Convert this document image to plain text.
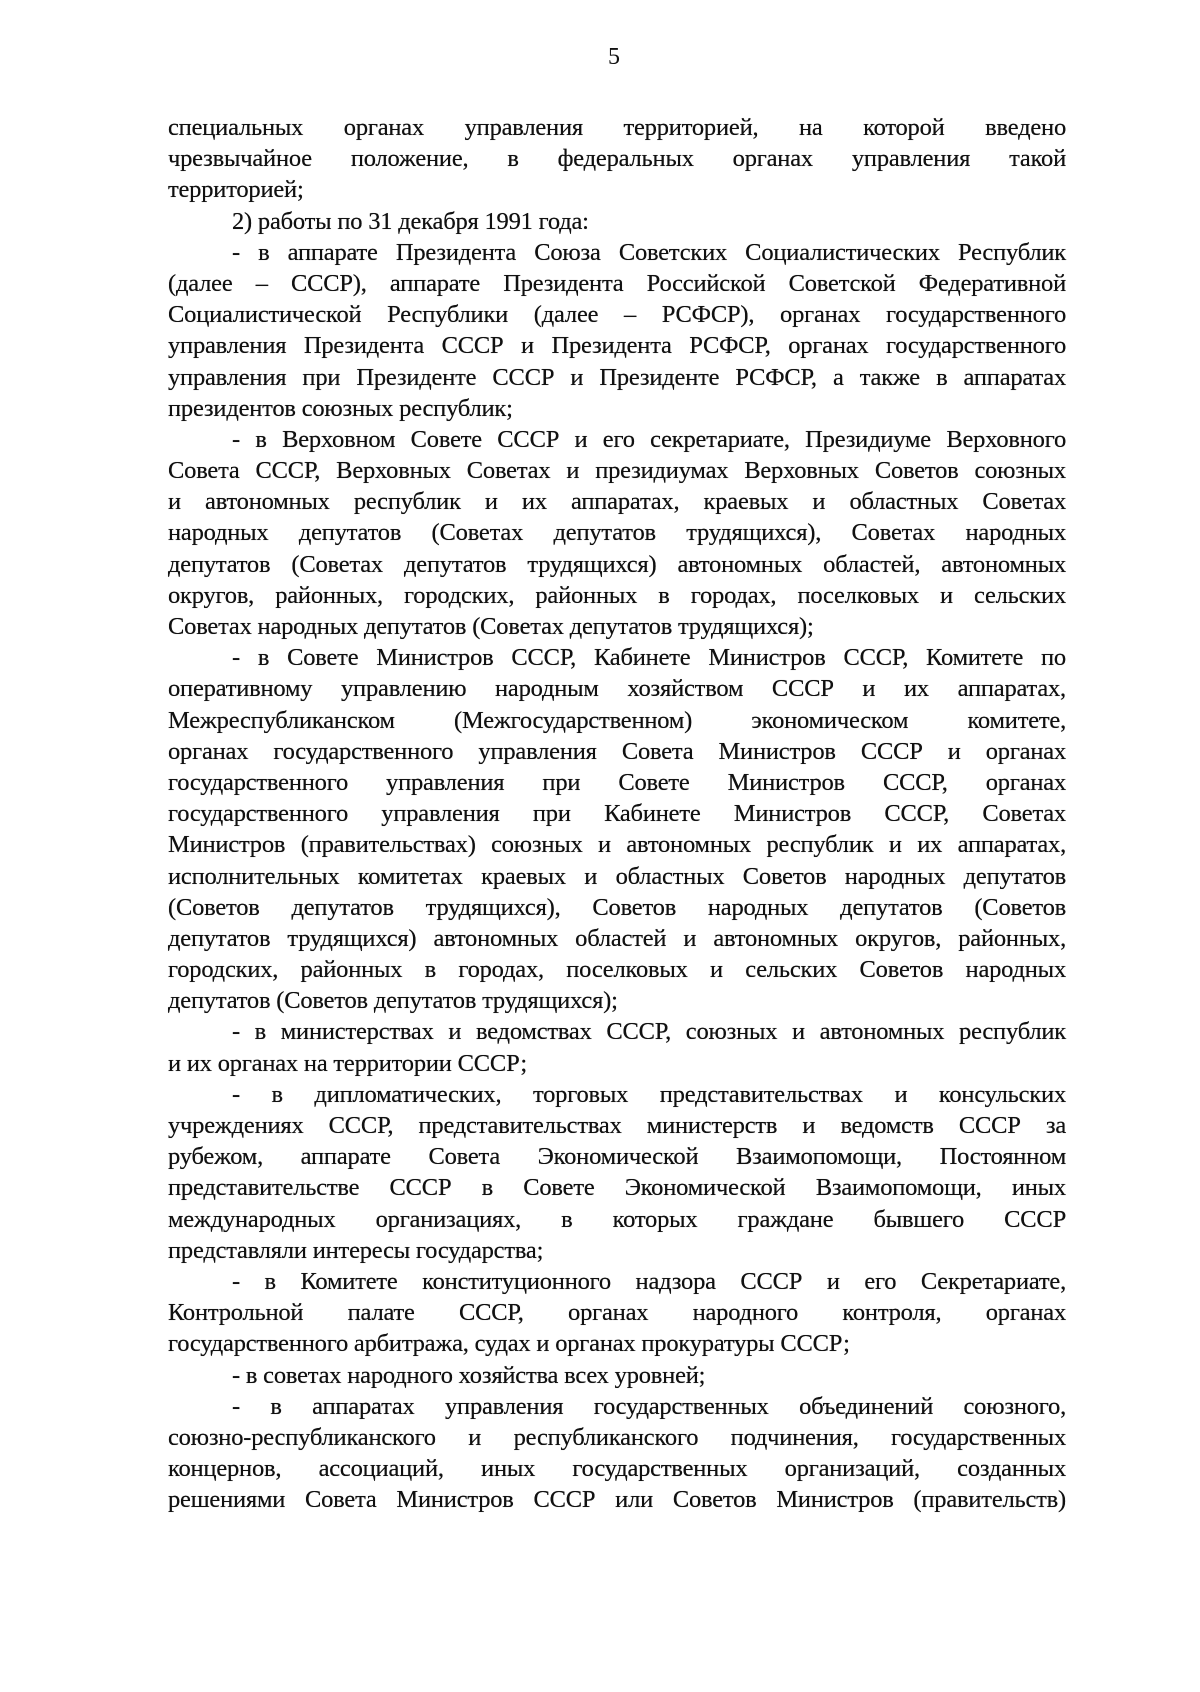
5
специальных органах управления территорией, на которой введено
чрезвычайное положение, в федеральных органах управления такой
территорией;
2) работы по 31 декабря 1991 года:
- в аппарате Президента Союза Советских Социалистических Республик
(далее – СССР), аппарате Президента Российской Советской Федеративной
Социалистической Республики (далее – РСФСР), органах государственного
управления Президента СССР и Президента РСФСР, органах государственного
управления при Президенте СССР и Президенте РСФСР, а также в аппаратах
президентов союзных республик;
- в Верховном Совете СССР и его секретариате, Президиуме Верховного
Совета СССР, Верховных Советах и президиумах Верховных Советов союзных
и автономных республик и их аппаратах, краевых и областных Советах
народных депутатов (Советах депутатов трудящихся), Советах народных
депутатов (Советах депутатов трудящихся) автономных областей, автономных
округов, районных, городских, районных в городах, поселковых и сельских
Советах народных депутатов (Советах депутатов трудящихся);
- в Совете Министров СССР, Кабинете Министров СССР, Комитете по
оперативному управлению народным хозяйством СССР и их аппаратах,
Межреспубликанском (Межгосударственном) экономическом комитете,
органах государственного управления Совета Министров СССР и органах
государственного управления при Совете Министров СССР, органах
государственного управления при Кабинете Министров СССР, Советах
Министров (правительствах) союзных и автономных республик и их аппаратах,
исполнительных комитетах краевых и областных Советов народных депутатов
(Советов депутатов трудящихся), Советов народных депутатов (Советов
депутатов трудящихся) автономных областей и автономных округов, районных,
городских, районных в городах, поселковых и сельских Советов народных
депутатов (Советов депутатов трудящихся);
- в министерствах и ведомствах СССР, союзных и автономных республик
и их органах на территории СССР;
- в дипломатических, торговых представительствах и консульских
учреждениях СССР, представительствах министерств и ведомств СССР за
рубежом, аппарате Совета Экономической Взаимопомощи, Постоянном
представительстве СССР в Совете Экономической Взаимопомощи, иных
международных организациях, в которых граждане бывшего СССР
представляли интересы государства;
- в Комитете конституционного надзора СССР и его Секретариате,
Контрольной палате СССР, органах народного контроля, органах
государственного арбитража, судах и органах прокуратуры СССР;
- в советах народного хозяйства всех уровней;
- в аппаратах управления государственных объединений союзного,
союзно-республиканского и республиканского подчинения, государственных
концернов, ассоциаций, иных государственных организаций, созданных
решениями Совета Министров СССР или Советов Министров (правительств)
